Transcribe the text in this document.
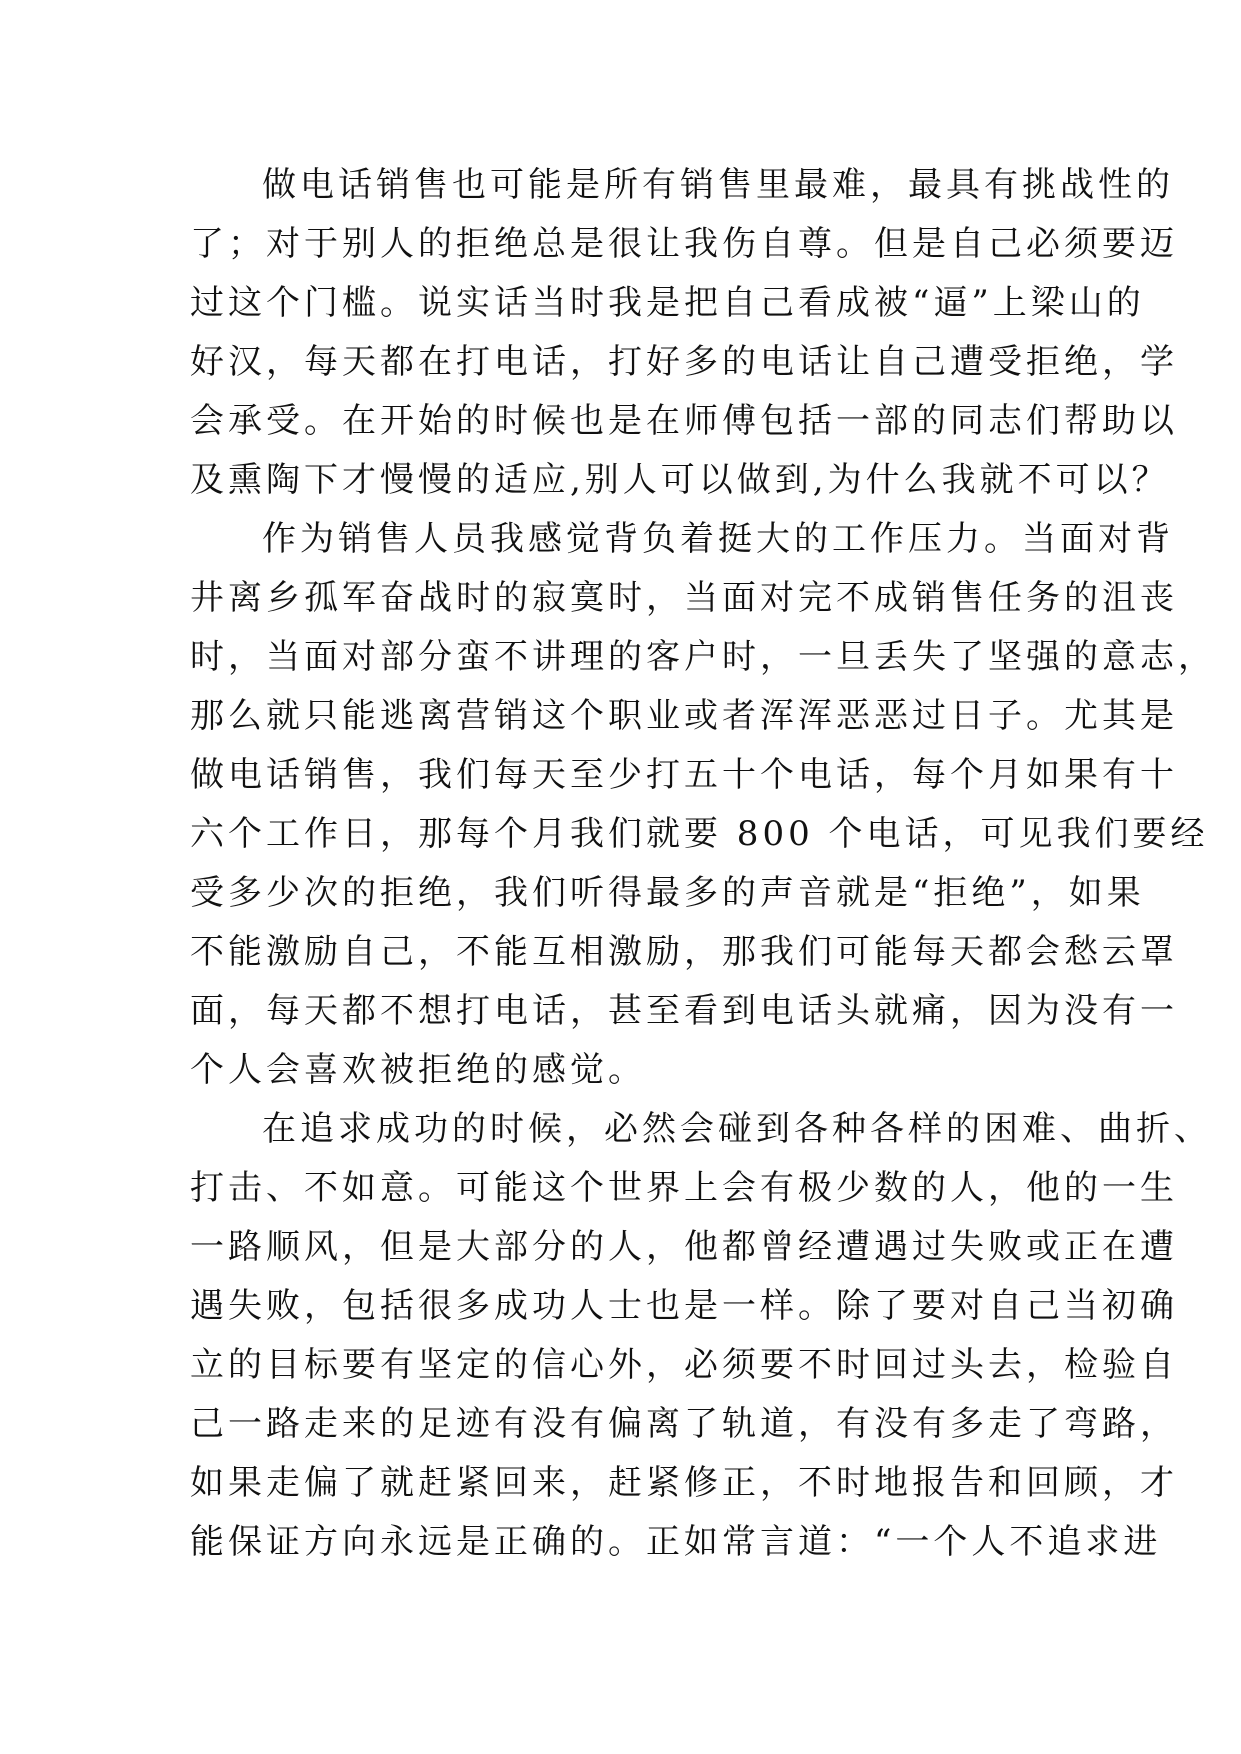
做电话销售也可能是所有销售里最难，最具有挑战性的
了；对于别人的拒绝总是很让我伤自尊。但是自己必须要迈
过这个门槛。说实话当时我是把自己看成被“逼”上梁山的
好汉，每天都在打电话，打好多的电话让自己遭受拒绝，学
会承受。在开始的时候也是在师傅包括一部的同志们帮助以
及熏陶下才慢慢的适应,别人可以做到,为什么我就不可以？
作为销售人员我感觉背负着挺大的工作压力。当面对背
井离乡孤军奋战时的寂寞时，当面对完不成销售任务的沮丧
时，当面对部分蛮不讲理的客户时，一旦丢失了坚强的意志，
那么就只能逃离营销这个职业或者浑浑恶恶过日子。尤其是
做电话销售，我们每天至少打五十个电话，每个月如果有十
六个工作日，那每个月我们就要 800 个电话，可见我们要经
受多少次的拒绝，我们听得最多的声音就是“拒绝”，如果
不能激励自己，不能互相激励，那我们可能每天都会愁云罩
面，每天都不想打电话，甚至看到电话头就痛，因为没有一
个人会喜欢被拒绝的感觉。
在追求成功的时候，必然会碰到各种各样的困难、曲折、
打击、不如意。可能这个世界上会有极少数的人，他的一生
一路顺风，但是大部分的人，他都曾经遭遇过失败或正在遭
遇失败，包括很多成功人士也是一样。除了要对自己当初确
立的目标要有坚定的信心外，必须要不时回过头去，检验自
己一路走来的足迹有没有偏离了轨道，有没有多走了弯路，
如果走偏了就赶紧回来，赶紧修正，不时地报告和回顾，才
能保证方向永远是正确的。正如常言道：“一个人不追求进
